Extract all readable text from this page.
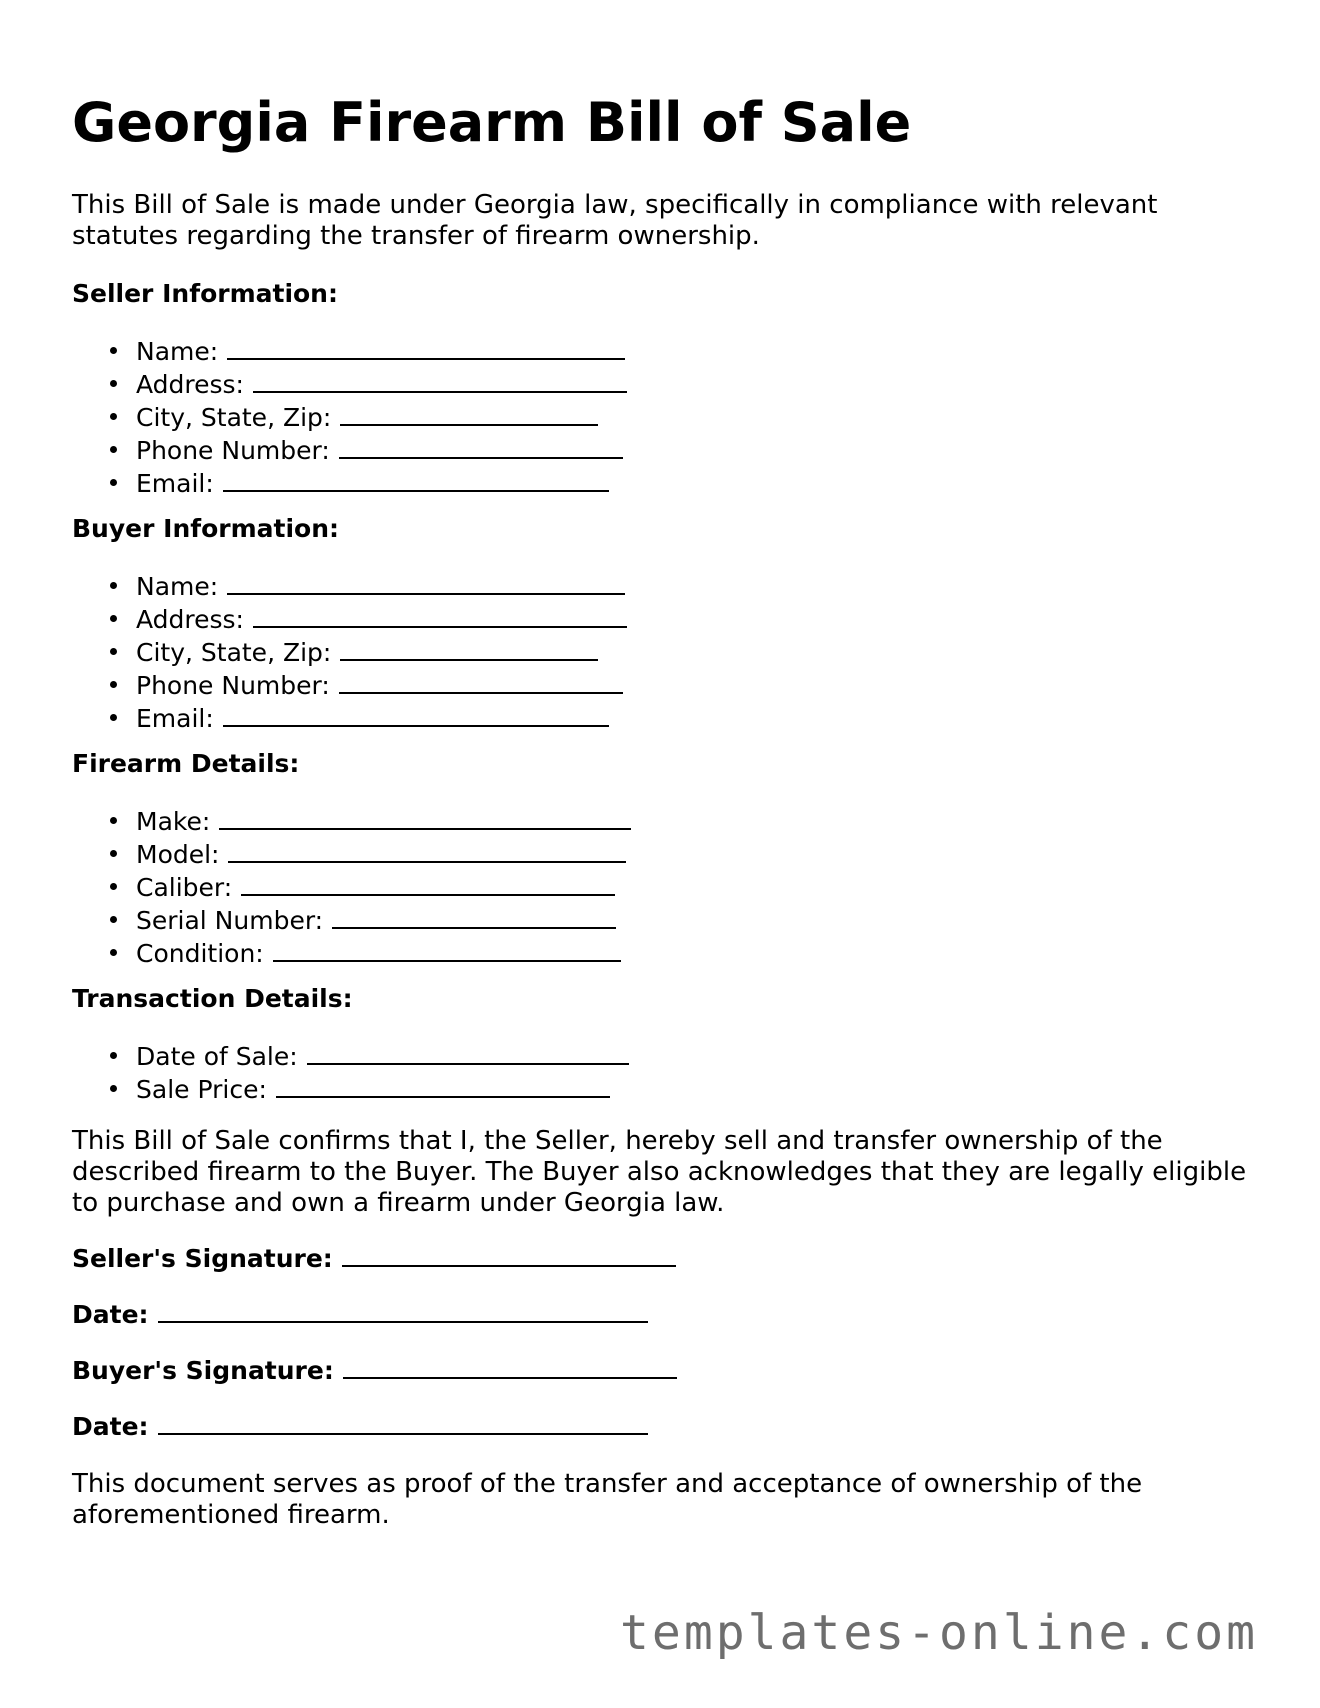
Georgia Firearm Bill of Sale

This Bill of Sale is made under Georgia law, specifically in compliance with relevant statutes regarding the transfer of firearm ownership.

Seller Information:

Name:
Address:
City, State, Zip:
Phone Number:
Email:

Buyer Information:

Name:
Address:
City, State, Zip:
Phone Number:
Email:

Firearm Details:

Make:
Model:
Caliber:
Serial Number:
Condition:

Transaction Details:

Date of Sale:
Sale Price:

This Bill of Sale confirms that I, the Seller, hereby sell and transfer ownership of the described firearm to the Buyer. The Buyer also acknowledges that they are legally eligible to purchase and own a firearm under Georgia law.

Seller's Signature:

Date:

Buyer's Signature:

Date:

This document serves as proof of the transfer and acceptance of ownership of the aforementioned firearm.

templates-online.com
